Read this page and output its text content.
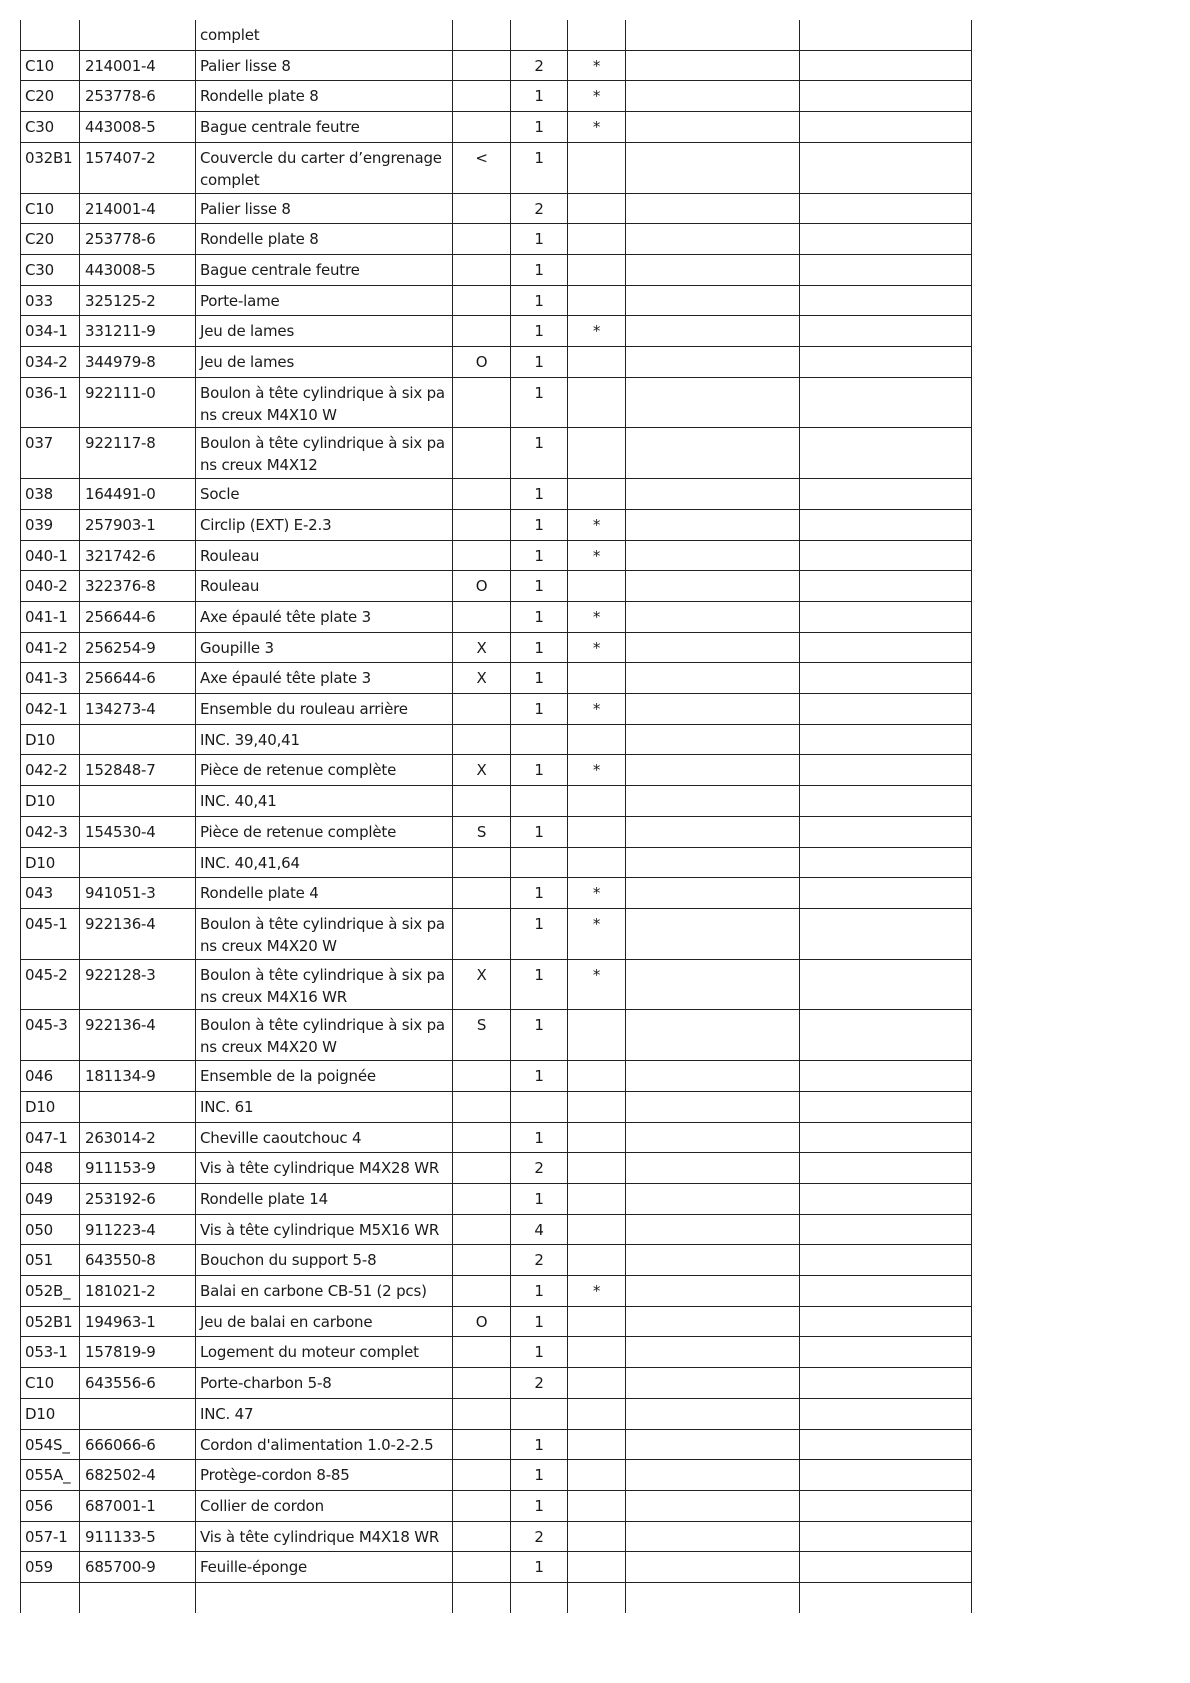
		complet					
C10	214001-4	Palier lisse 8		2	*		
C20	253778-6	Rondelle plate 8		1	*		
C30	443008-5	Bague centrale feutre		1	*		
032B1	157407-2	Couvercle du carter d’engrenage
complet	<	1			
C10	214001-4	Palier lisse 8		2			
C20	253778-6	Rondelle plate 8		1			
C30	443008-5	Bague centrale feutre		1			
033	325125-2	Porte-lame		1			
034-1	331211-9	Jeu de lames		1	*		
034-2	344979-8	Jeu de lames	O	1			
036-1	922111-0	Boulon à tête cylindrique à six pa
ns creux M4X10 W		1			
037	922117-8	Boulon à tête cylindrique à six pa
ns creux M4X12		1			
038	164491-0	Socle		1			
039	257903-1	Circlip (EXT) E-2.3		1	*		
040-1	321742-6	Rouleau		1	*		
040-2	322376-8	Rouleau	O	1			
041-1	256644-6	Axe épaulé tête plate 3		1	*		
041-2	256254-9	Goupille 3	X	1	*		
041-3	256644-6	Axe épaulé tête plate 3	X	1			
042-1	134273-4	Ensemble du rouleau arrière		1	*		
D10		INC. 39,40,41					
042-2	152848-7	Pièce de retenue complète	X	1	*		
D10		INC. 40,41					
042-3	154530-4	Pièce de retenue complète	S	1			
D10		INC. 40,41,64					
043	941051-3	Rondelle plate 4		1	*		
045-1	922136-4	Boulon à tête cylindrique à six pa
ns creux M4X20 W		1	*		
045-2	922128-3	Boulon à tête cylindrique à six pa
ns creux M4X16 WR	X	1	*		
045-3	922136-4	Boulon à tête cylindrique à six pa
ns creux M4X20 W	S	1			
046	181134-9	Ensemble de la poignée		1			
D10		INC. 61					
047-1	263014-2	Cheville caoutchouc 4		1			
048	911153-9	Vis à tête cylindrique M4X28 WR		2			
049	253192-6	Rondelle plate 14		1			
050	911223-4	Vis à tête cylindrique M5X16 WR		4			
051	643550-8	Bouchon du support 5-8		2			
052B_	181021-2	Balai en carbone CB-51 (2 pcs)		1	*		
052B1	194963-1	Jeu de balai en carbone	O	1			
053-1	157819-9	Logement du moteur complet		1			
C10	643556-6	Porte-charbon 5-8		2			
D10		INC. 47					
054S_	666066-6	Cordon d'alimentation 1.0-2-2.5		1			
055A_	682502-4	Protège-cordon 8-85		1			
056	687001-1	Collier de cordon		1			
057-1	911133-5	Vis à tête cylindrique M4X18 WR		2			
059	685700-9	Feuille-éponge		1			
